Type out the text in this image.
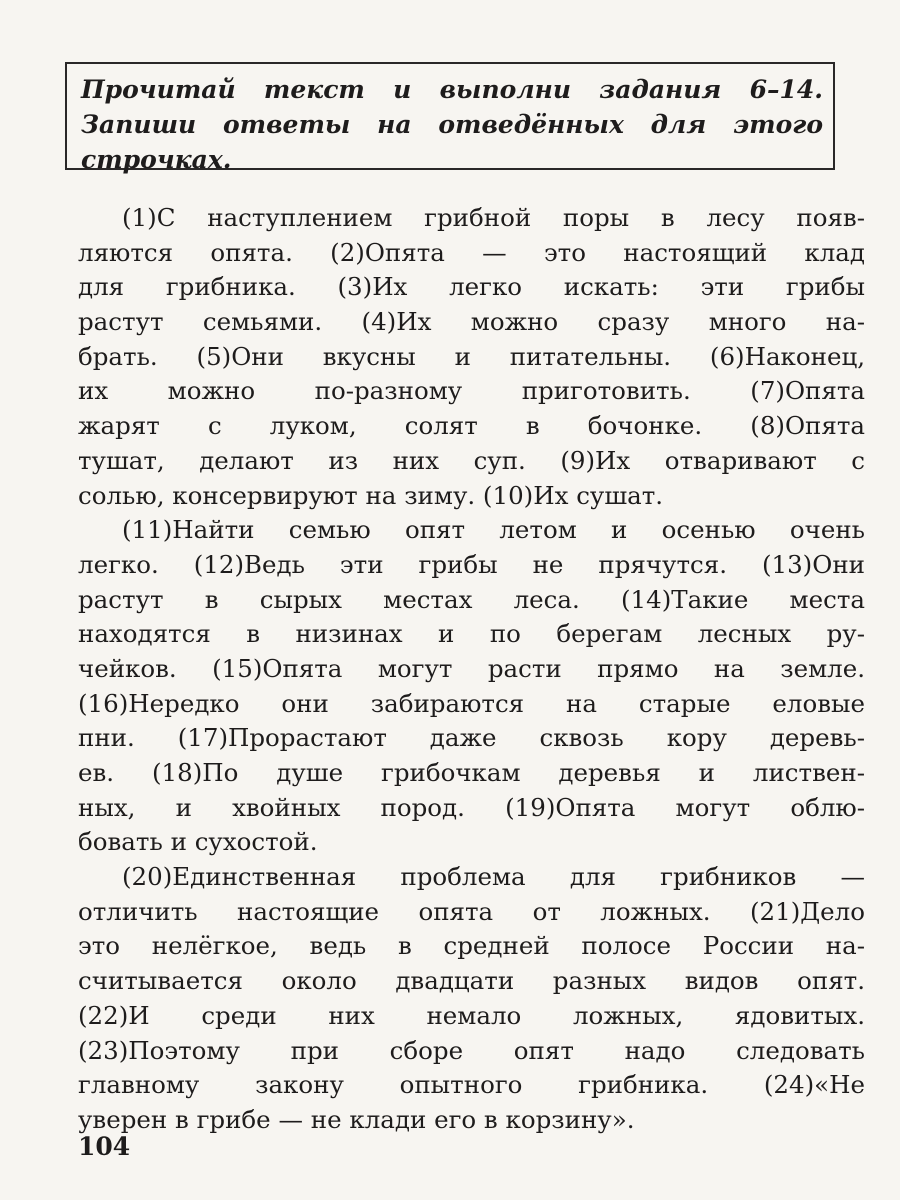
Прочитай текст и выполни задания 6–14.
Запиши ответы на отведённых для этого
строчках.
(1)С наступлением грибной поры в лесу появ-
ляются опята. (2)Опята — это настоящий клад
для грибника. (3)Их легко искать: эти грибы
растут семьями. (4)Их можно сразу много на-
брать. (5)Они вкусны и питательны. (6)Наконец,
их можно по-разному приготовить. (7)Опята
жарят с луком, солят в бочонке. (8)Опята
тушат, делают из них суп. (9)Их отваривают с
солью, консервируют на зиму. (10)Их сушат.
(11)Найти семью опят летом и осенью очень
легко. (12)Ведь эти грибы не прячутся. (13)Они
растут в сырых местах леса. (14)Такие места
находятся в низинах и по берегам лесных ру-
чейков. (15)Опята могут расти прямо на земле.
(16)Нередко они забираются на старые еловые
пни. (17)Прорастают даже сквозь кору деревь-
ев. (18)По душе грибочкам деревья и листвен-
ных, и хвойных пород. (19)Опята могут облю-
бовать и сухостой.
(20)Единственная проблема для грибников —
отличить настоящие опята от ложных. (21)Дело
это нелёгкое, ведь в средней полосе России на-
считывается около двадцати разных видов опят.
(22)И среди них немало ложных, ядовитых.
(23)Поэтому при сборе опят надо следовать
главному закону опытного грибника. (24)«Не
уверен в грибе — не клади его в корзину».
104
